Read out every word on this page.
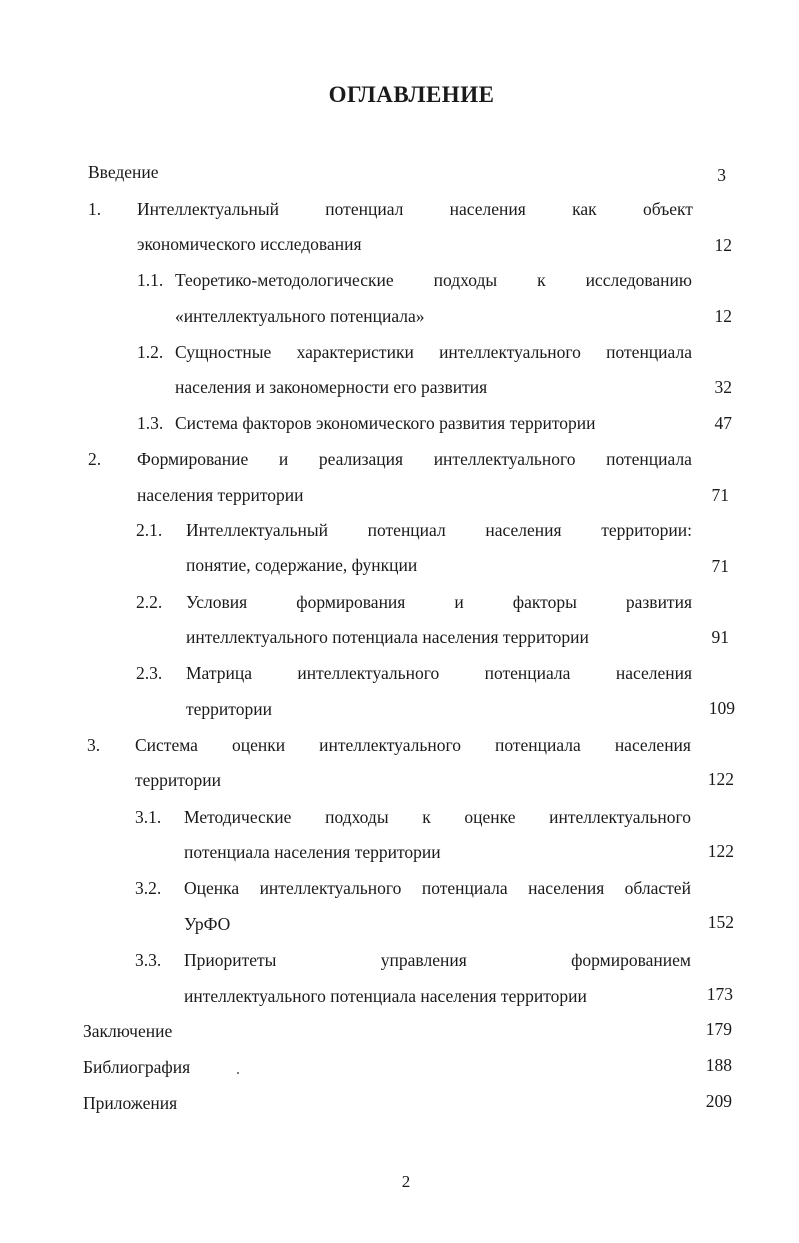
ОГЛАВЛЕНИЕ
Введение	3
1. Интеллектуальный	потенциал	населения	как	объект
экономического исследования	12
1.1. Теоретико-методологические подходы к исследованию
«интеллектуального потенциала»	12
1.2. Сущностные характеристики интеллектуального потенциала
населения и закономерности его развития	32
1.3. Система факторов экономического развития территории	47
2. Формирование и реализация интеллектуального потенциала
населения территории	71
2.1. Интеллектуальный потенциал населения территории:
понятие, содержание, функции	71
2.2. Условия	формирования	и	факторы	развития
интеллектуального потенциала населения территории	91
2.3. Матрица	интеллектуального	потенциала	населения
территории	109
3. Система оценки интеллектуального потенциала населения
территории	122
3.1. Методические подходы к оценке интеллектуального
потенциала населения территории	122
3.2. Оценка интеллектуального потенциала населения областей
УрФО	152
3.3. Приоритеты	управления	формированием
интеллектуального потенциала населения территории	173
Заключение	179
Библиография	188
Приложения	209
2
